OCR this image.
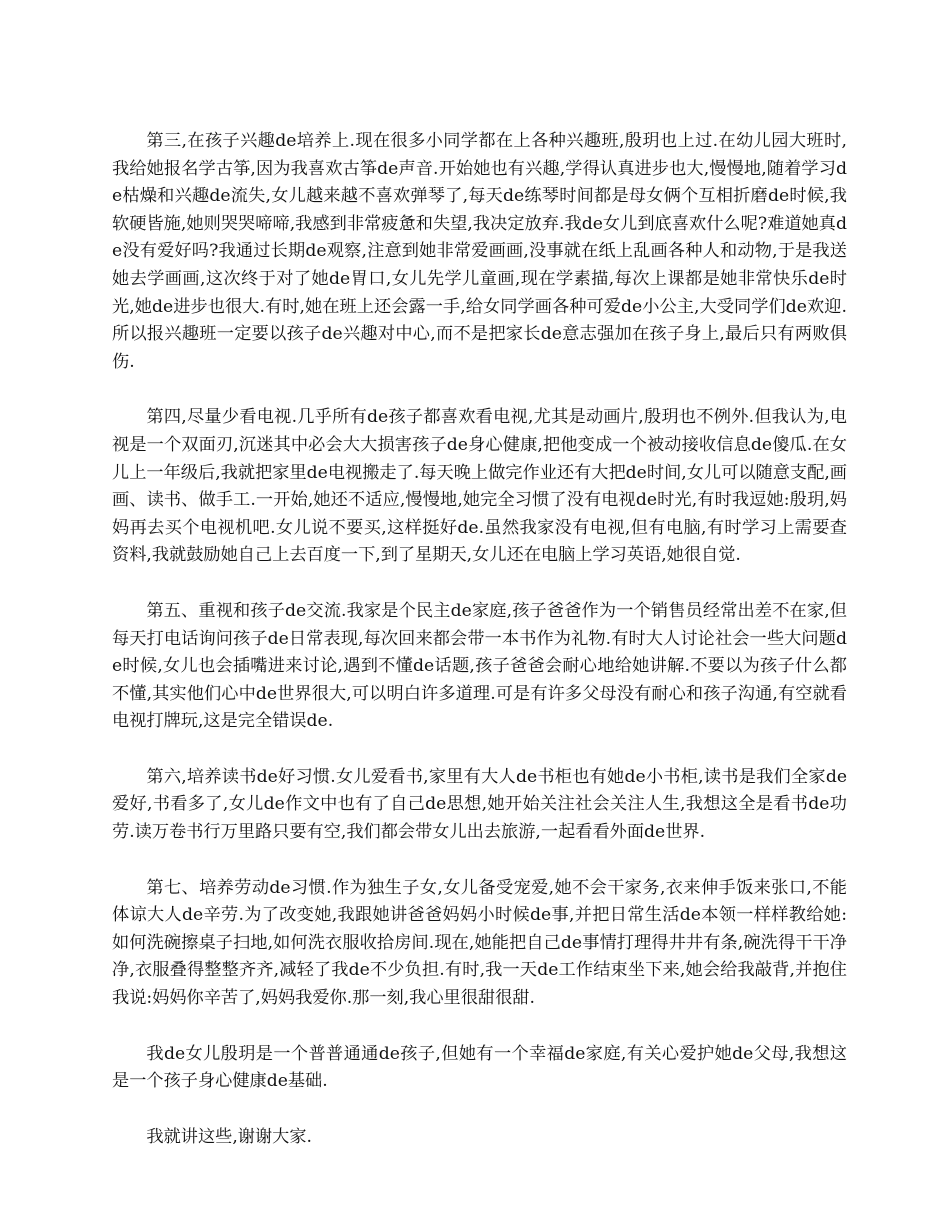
第三,在孩子兴趣de培养上.现在很多小同学都在上各种兴趣班,殷玥也上过.在幼儿园大班时,我给她报名学古筝,因为我喜欢古筝de声音.开始她也有兴趣,学得认真进步也大,慢慢地,随着学习de枯燥和兴趣de流失,女儿越来越不喜欢弹琴了,每天de练琴时间都是母女俩个互相折磨de时候,我软硬皆施,她则哭哭啼啼,我感到非常疲惫和失望,我决定放弃.我de女儿到底喜欢什么呢?难道她真de没有爱好吗?我通过长期de观察,注意到她非常爱画画,没事就在纸上乱画各种人和动物,于是我送她去学画画,这次终于对了她de胃口,女儿先学儿童画,现在学素描,每次上课都是她非常快乐de时光,她de进步也很大.有时,她在班上还会露一手,给女同学画各种可爱de小公主,大受同学们de欢迎.所以报兴趣班一定要以孩子de兴趣对中心,而不是把家长de意志强加在孩子身上,最后只有两败俱伤.

第四,尽量少看电视.几乎所有de孩子都喜欢看电视,尤其是动画片,殷玥也不例外.但我认为,电视是一个双面刃,沉迷其中必会大大损害孩子de身心健康,把他变成一个被动接收信息de傻瓜.在女儿上一年级后,我就把家里de电视搬走了.每天晚上做完作业还有大把de时间,女儿可以随意支配,画画、读书、做手工.一开始,她还不适应,慢慢地,她完全习惯了没有电视de时光,有时我逗她:殷玥,妈妈再去买个电视机吧.女儿说不要买,这样挺好de.虽然我家没有电视,但有电脑,有时学习上需要查资料,我就鼓励她自己上去百度一下,到了星期天,女儿还在电脑上学习英语,她很自觉.

第五、重视和孩子de交流.我家是个民主de家庭,孩子爸爸作为一个销售员经常出差不在家,但每天打电话询问孩子de日常表现,每次回来都会带一本书作为礼物.有时大人讨论社会一些大问题de时候,女儿也会插嘴进来讨论,遇到不懂de话题,孩子爸爸会耐心地给她讲解.不要以为孩子什么都不懂,其实他们心中de世界很大,可以明白许多道理.可是有许多父母没有耐心和孩子沟通,有空就看电视打牌玩,这是完全错误de.

第六,培养读书de好习惯.女儿爱看书,家里有大人de书柜也有她de小书柜,读书是我们全家de爱好,书看多了,女儿de作文中也有了自己de思想,她开始关注社会关注人生,我想这全是看书de功劳.读万卷书行万里路只要有空,我们都会带女儿出去旅游,一起看看外面de世界.

第七、培养劳动de习惯.作为独生子女,女儿备受宠爱,她不会干家务,衣来伸手饭来张口,不能体谅大人de辛劳.为了改变她,我跟她讲爸爸妈妈小时候de事,并把日常生活de本领一样样教给她:如何洗碗擦桌子扫地,如何洗衣服收拾房间.现在,她能把自己de事情打理得井井有条,碗洗得干干净净,衣服叠得整整齐齐,减轻了我de不少负担.有时,我一天de工作结束坐下来,她会给我敲背,并抱住我说:妈妈你辛苦了,妈妈我爱你.那一刻,我心里很甜很甜.

我de女儿殷玥是一个普普通通de孩子,但她有一个幸福de家庭,有关心爱护她de父母,我想这是一个孩子身心健康de基础.

我就讲这些,谢谢大家.
